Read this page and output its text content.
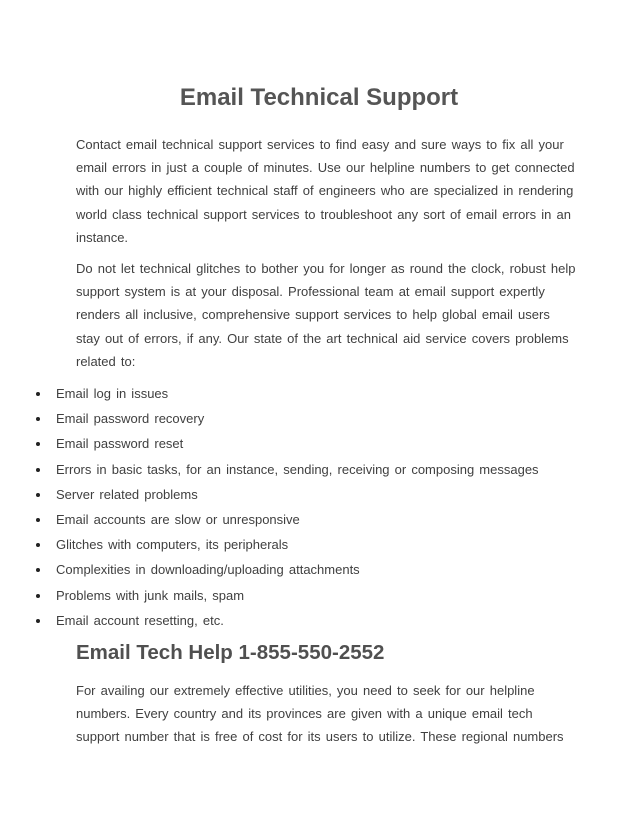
Email Technical Support

Contact email technical support services to find easy and sure ways to fix all your email errors in just a couple of minutes. Use our helpline numbers to get connected with our highly efficient technical staff of engineers who are specialized in rendering world class technical support services to troubleshoot any sort of email errors in an instance.

Do not let technical glitches to bother you for longer as round the clock, robust help support system is at your disposal. Professional team at email support expertly renders all inclusive, comprehensive support services to help global email users stay out of errors, if any. Our state of the art technical aid service covers problems related to:

Email log in issues
Email password recovery
Email password reset
Errors in basic tasks, for an instance, sending, receiving or composing messages
Server related problems
Email accounts are slow or unresponsive
Glitches with computers, its peripherals
Complexities in downloading/uploading attachments
Problems with junk mails, spam
Email account resetting, etc.
Email Tech Help 1-855-550-2552

For availing our extremely effective utilities, you need to seek for our helpline numbers. Every country and its provinces are given with a unique email tech support number that is free of cost for its users to utilize. These regional numbers
